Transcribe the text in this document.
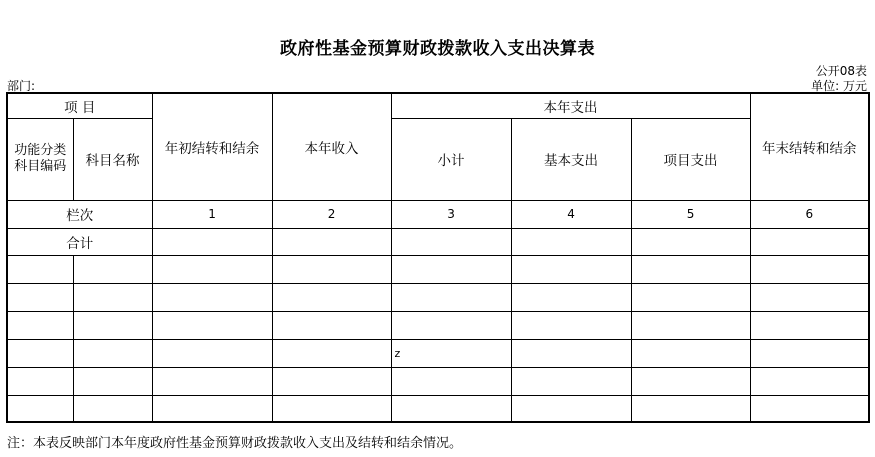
政府性基金预算财政拨款收入支出决算表
公开08表
部门:	单位: 万元
项 目		年初结转和结余	本年收入	本年支出			年末结转和结余
功能分类科目编码	科目名称			小计	基本支出	项目支出	
栏次		1	2	3	4	5	6
合计							

				z			

注：本表反映部门本年度政府性基金预算财政拨款收入支出及结转和结余情况。
